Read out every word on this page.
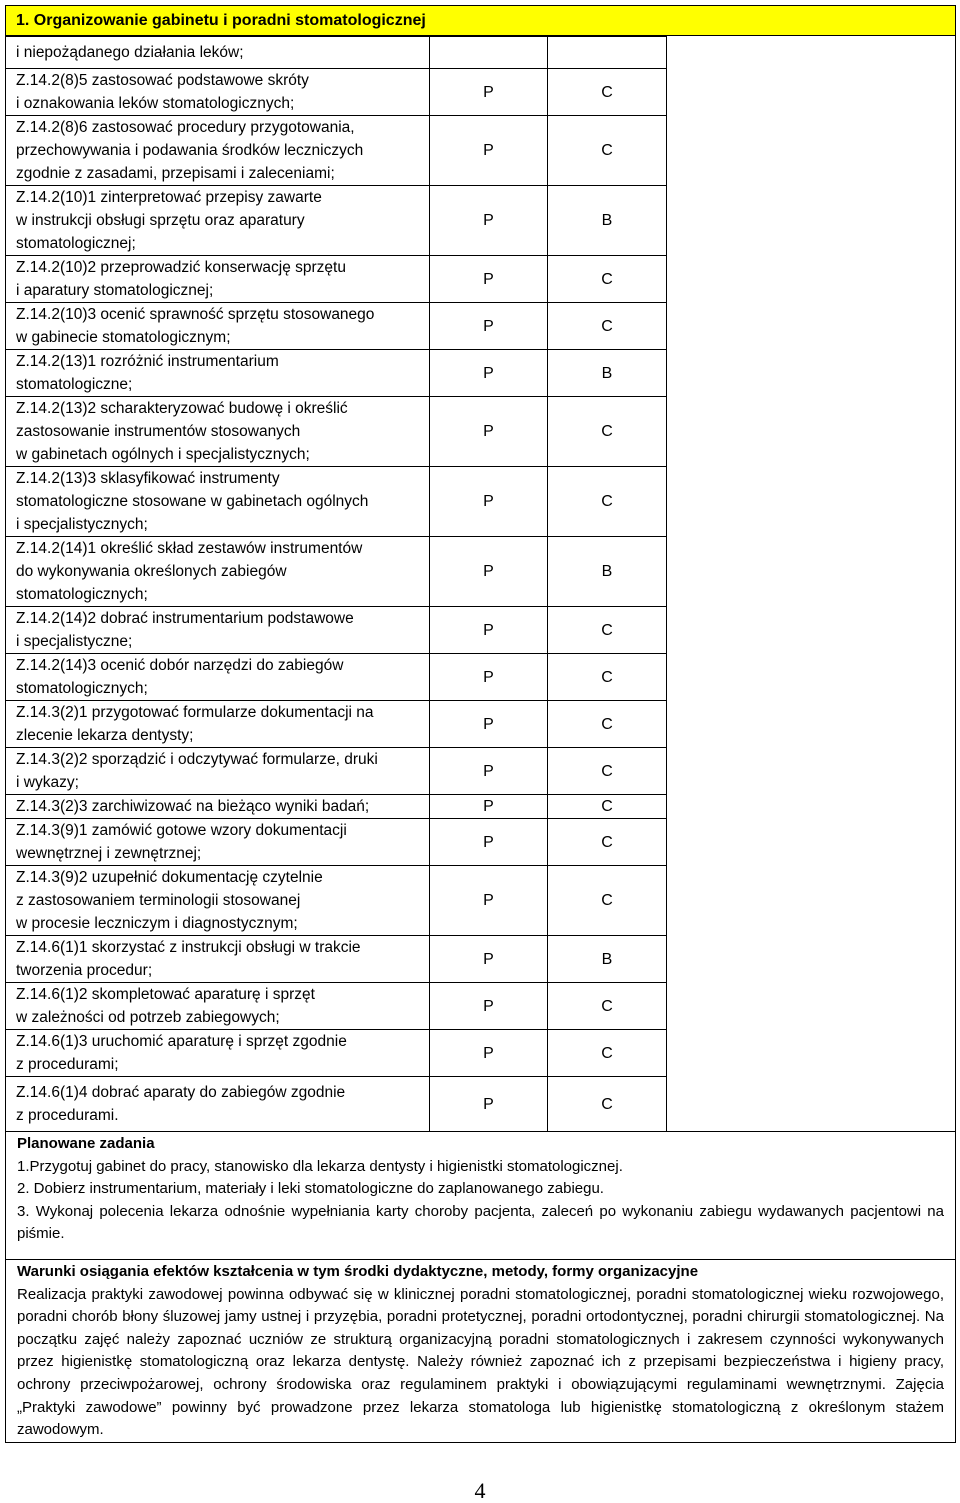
1. Organizowanie gabinetu i poradni stomatologicznej
i niepożądanego działania leków;
Z.14.2(8)5 zastosować podstawowe skróty
i oznakowania leków stomatologicznych;
P	C
Z.14.2(8)6 zastosować procedury przygotowania,
przechowywania i podawania środków leczniczych
zgodnie z zasadami, przepisami i zaleceniami;
P	C
Z.14.2(10)1 zinterpretować przepisy zawarte
w instrukcji obsługi sprzętu oraz aparatury
stomatologicznej;
P	B
Z.14.2(10)2 przeprowadzić konserwację sprzętu
i aparatury stomatologicznej;
P	C
Z.14.2(10)3 ocenić sprawność sprzętu stosowanego
w gabinecie stomatologicznym;
P	C
Z.14.2(13)1 rozróżnić instrumentarium
stomatologiczne;
P	B
Z.14.2(13)2 scharakteryzować budowę i określić
zastosowanie instrumentów stosowanych
w gabinetach ogólnych i specjalistycznych;
P	C
Z.14.2(13)3 sklasyfikować instrumenty
stomatologiczne stosowane w gabinetach ogólnych
i specjalistycznych;
P	C
Z.14.2(14)1 określić skład zestawów instrumentów
do wykonywania określonych zabiegów
stomatologicznych;
P	B
Z.14.2(14)2 dobrać instrumentarium podstawowe
i specjalistyczne;
P	C
Z.14.2(14)3 ocenić dobór narzędzi do zabiegów
stomatologicznych;
P	C
Z.14.3(2)1 przygotować formularze dokumentacji na
zlecenie lekarza dentysty;
P	C
Z.14.3(2)2 sporządzić i odczytywać formularze, druki
i wykazy;
P	C
Z.14.3(2)3 zarchiwizować na bieżąco wyniki badań;	P	C
Z.14.3(9)1 zamówić gotowe wzory dokumentacji
wewnętrznej i zewnętrznej;
P	C
Z.14.3(9)2 uzupełnić dokumentację czytelnie
z zastosowaniem terminologii stosowanej
w procesie leczniczym i diagnostycznym;
P	C
Z.14.6(1)1 skorzystać z instrukcji obsługi w trakcie
tworzenia procedur;
P	B
Z.14.6(1)2 skompletować aparaturę i sprzęt
w zależności od potrzeb zabiegowych;
P	C
Z.14.6(1)3 uruchomić aparaturę i sprzęt zgodnie
z procedurami;
P	C
Z.14.6(1)4 dobrać aparaty do zabiegów zgodnie
z procedurami.
P	C
Planowane zadania
1.Przygotuj gabinet do pracy, stanowisko dla lekarza dentysty i higienistki stomatologicznej.
2. Dobierz instrumentarium, materiały i leki stomatologiczne do zaplanowanego zabiegu.
3. Wykonaj polecenia lekarza odnośnie wypełniania karty choroby pacjenta, zaleceń po wykonaniu zabiegu wydawanych pacjentowi na piśmie.
Warunki osiągania efektów kształcenia w tym środki dydaktyczne, metody, formy organizacyjne
Realizacja praktyki zawodowej powinna odbywać się w klinicznej poradni stomatologicznej, poradni stomatologicznej wieku rozwojowego, poradni chorób błony śluzowej jamy ustnej i przyzębia, poradni protetycznej, poradni ortodontycznej, poradni chirurgii stomatologicznej. Na początku zajęć należy zapoznać uczniów ze strukturą organizacyjną poradni stomatologicznych i zakresem czynności wykonywanych przez higienistkę stomatologiczną oraz lekarza dentystę. Należy również zapoznać ich z przepisami bezpieczeństwa i higieny pracy, ochrony przeciwpożarowej, ochrony środowiska oraz regulaminem praktyki i obowiązującymi regulaminami wewnętrznymi. Zajęcia „Praktyki zawodowe” powinny być prowadzone przez lekarza stomatologa lub higienistkę stomatologiczną z określonym stażem zawodowym.
4
